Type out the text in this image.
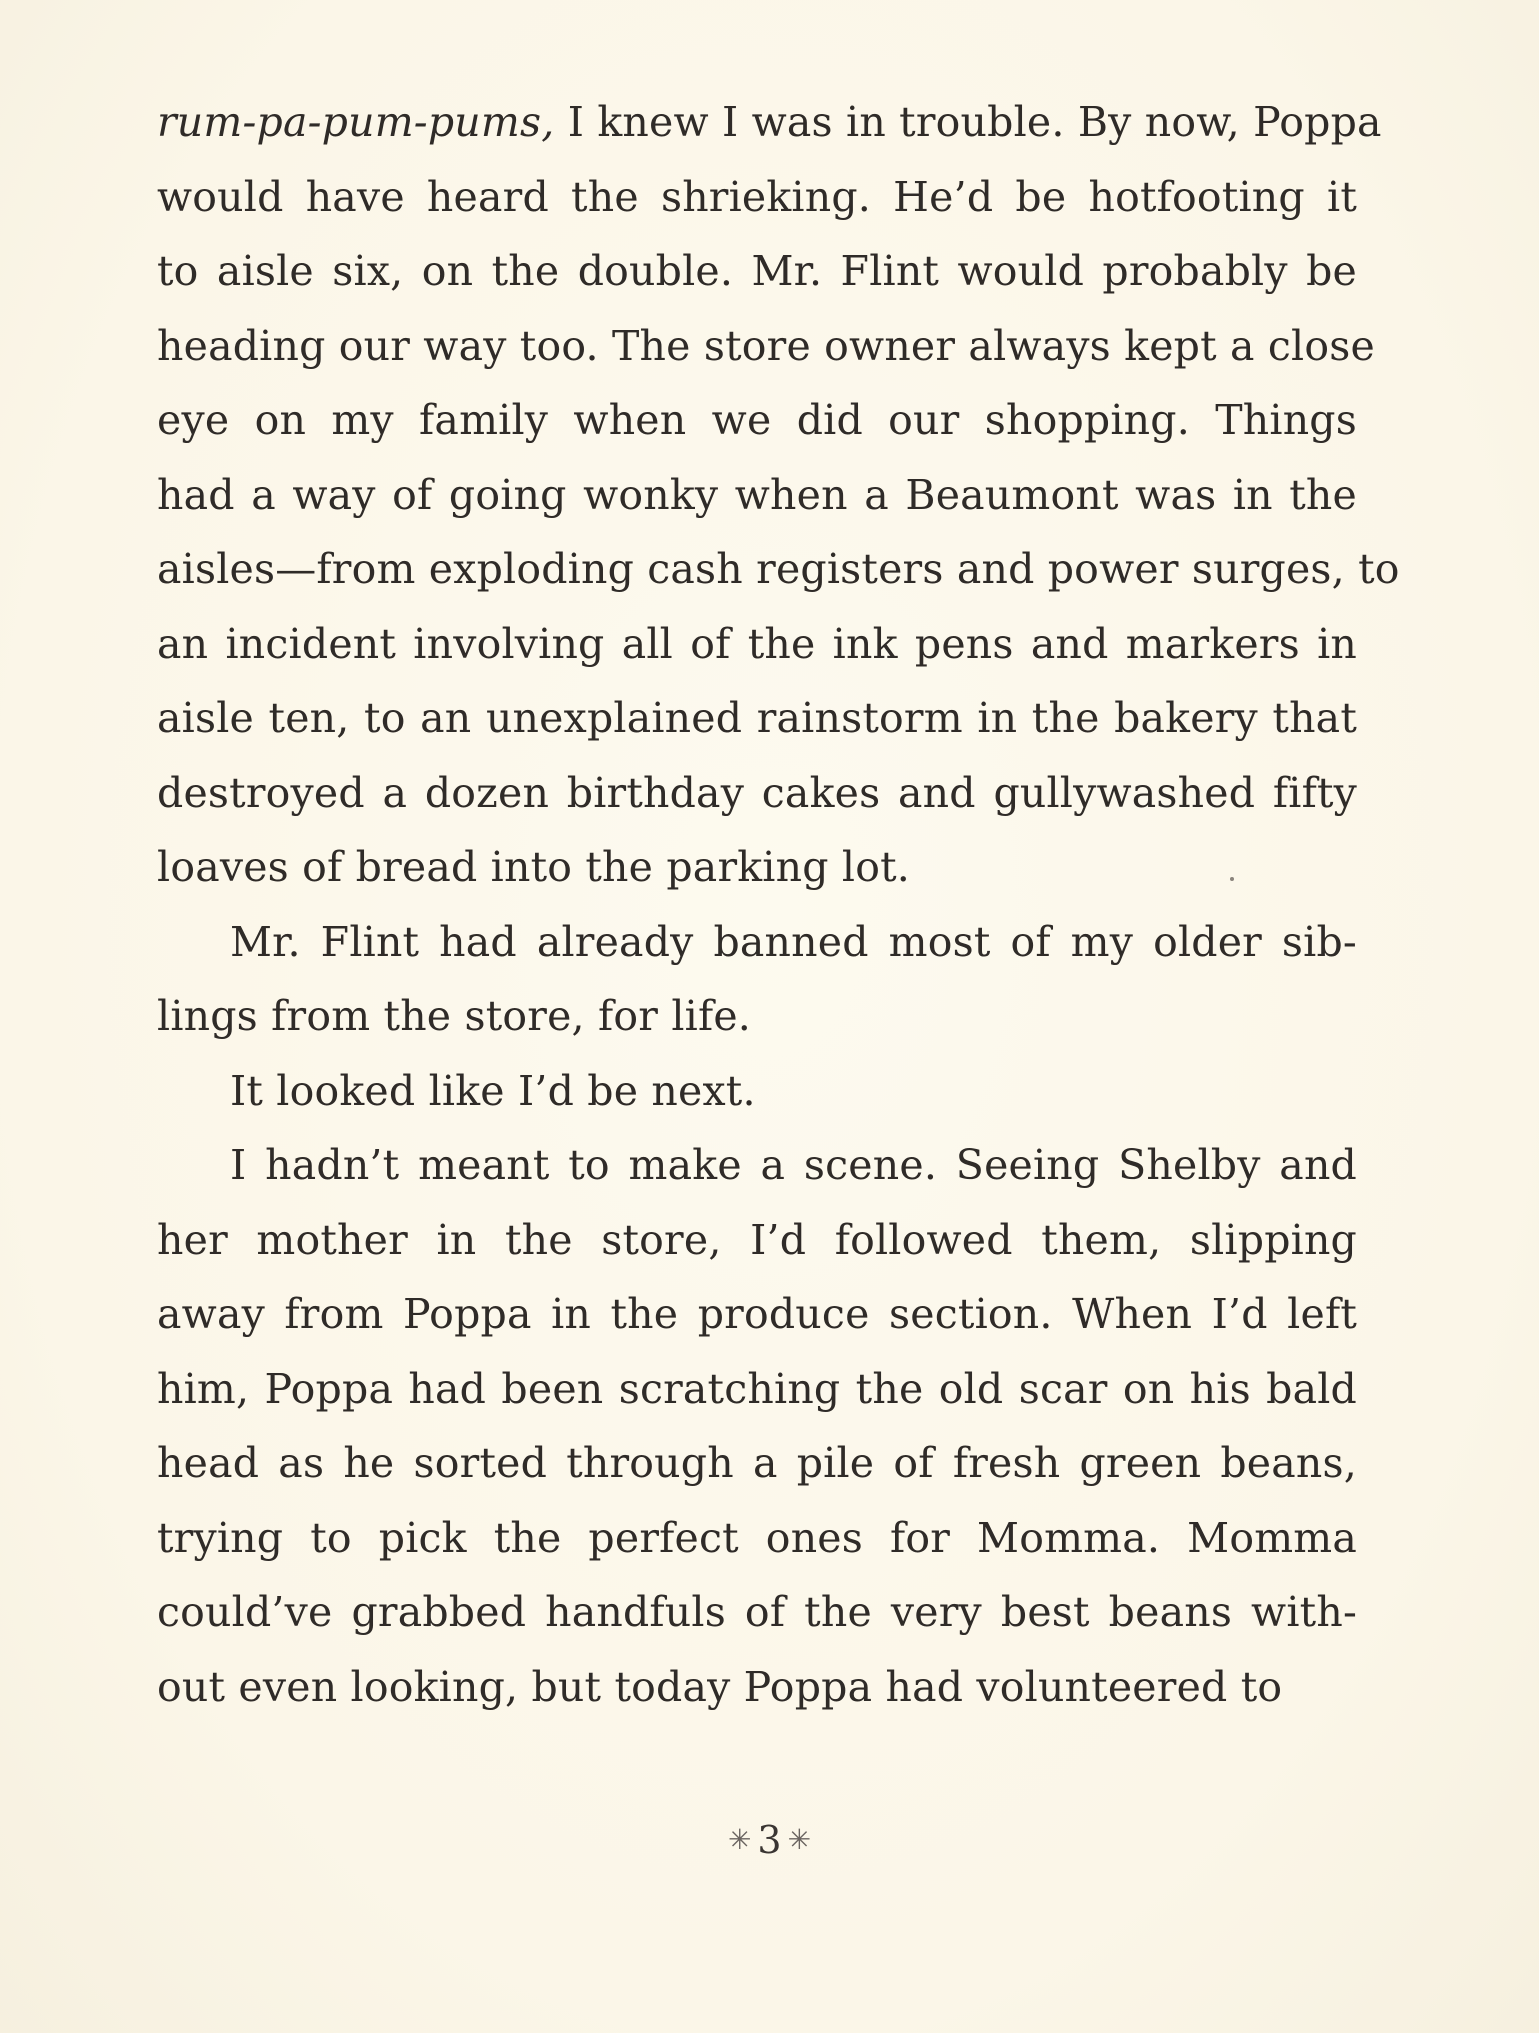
rum-pa-pum-pums, I knew I was in trouble. By now, Poppa
would have heard the shrieking. He’d be hotfooting it
to aisle six, on the double. Mr. Flint would probably be
heading our way too. The store owner always kept a close
eye on my family when we did our shopping. Things
had a way of going wonky when a Beaumont was in the
aisles—from exploding cash registers and power surges, to
an incident involving all of the ink pens and markers in
aisle ten, to an unexplained rainstorm in the bakery that
destroyed a dozen birthday cakes and gullywashed fifty
loaves of bread into the parking lot.
Mr. Flint had already banned most of my older sib-
lings from the store, for life.
It looked like I’d be next.
I hadn’t meant to make a scene. Seeing Shelby and
her mother in the store, I’d followed them, slipping
away from Poppa in the produce section. When I’d left
him, Poppa had been scratching the old scar on his bald
head as he sorted through a pile of fresh green beans,
trying to pick the perfect ones for Momma. Momma
could’ve grabbed handfuls of the very best beans with-
out even looking, but today Poppa had volunteered to
✳ 3 ✳
